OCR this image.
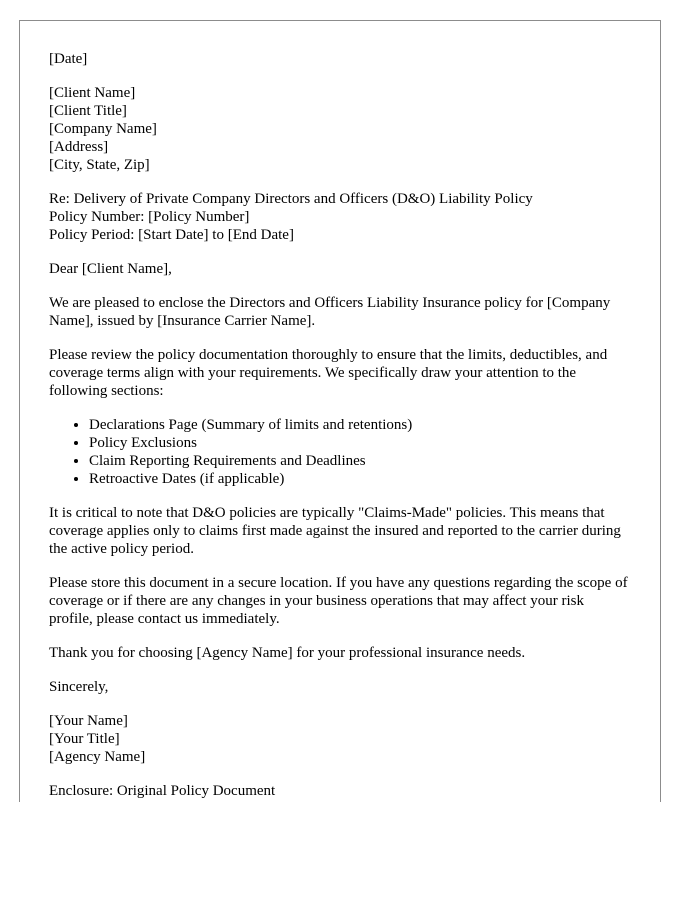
[Date]
[Client Name]
[Client Title]
[Company Name]
[Address]
[City, State, Zip]
Re: Delivery of Private Company Directors and Officers (D&O) Liability Policy
Policy Number: [Policy Number]
Policy Period: [Start Date] to [End Date]

Dear [Client Name],

We are pleased to enclose the Directors and Officers Liability Insurance policy for [Company Name], issued by [Insurance Carrier Name].

Please review the policy documentation thoroughly to ensure that the limits, deductibles, and coverage terms align with your requirements. We specifically draw your attention to the following sections:

• Declarations Page (Summary of limits and retentions)
• Policy Exclusions
• Claim Reporting Requirements and Deadlines
• Retroactive Dates (if applicable)

It is critical to note that D&O policies are typically "Claims-Made" policies. This means that coverage applies only to claims first made against the insured and reported to the carrier during the active policy period.

Please store this document in a secure location. If you have any questions regarding the scope of coverage or if there are any changes in your business operations that may affect your risk profile, please contact us immediately.

Thank you for choosing [Agency Name] for your professional insurance needs.

Sincerely,

[Your Name]
[Your Title]
[Agency Name]
Enclosure: Original Policy Document
